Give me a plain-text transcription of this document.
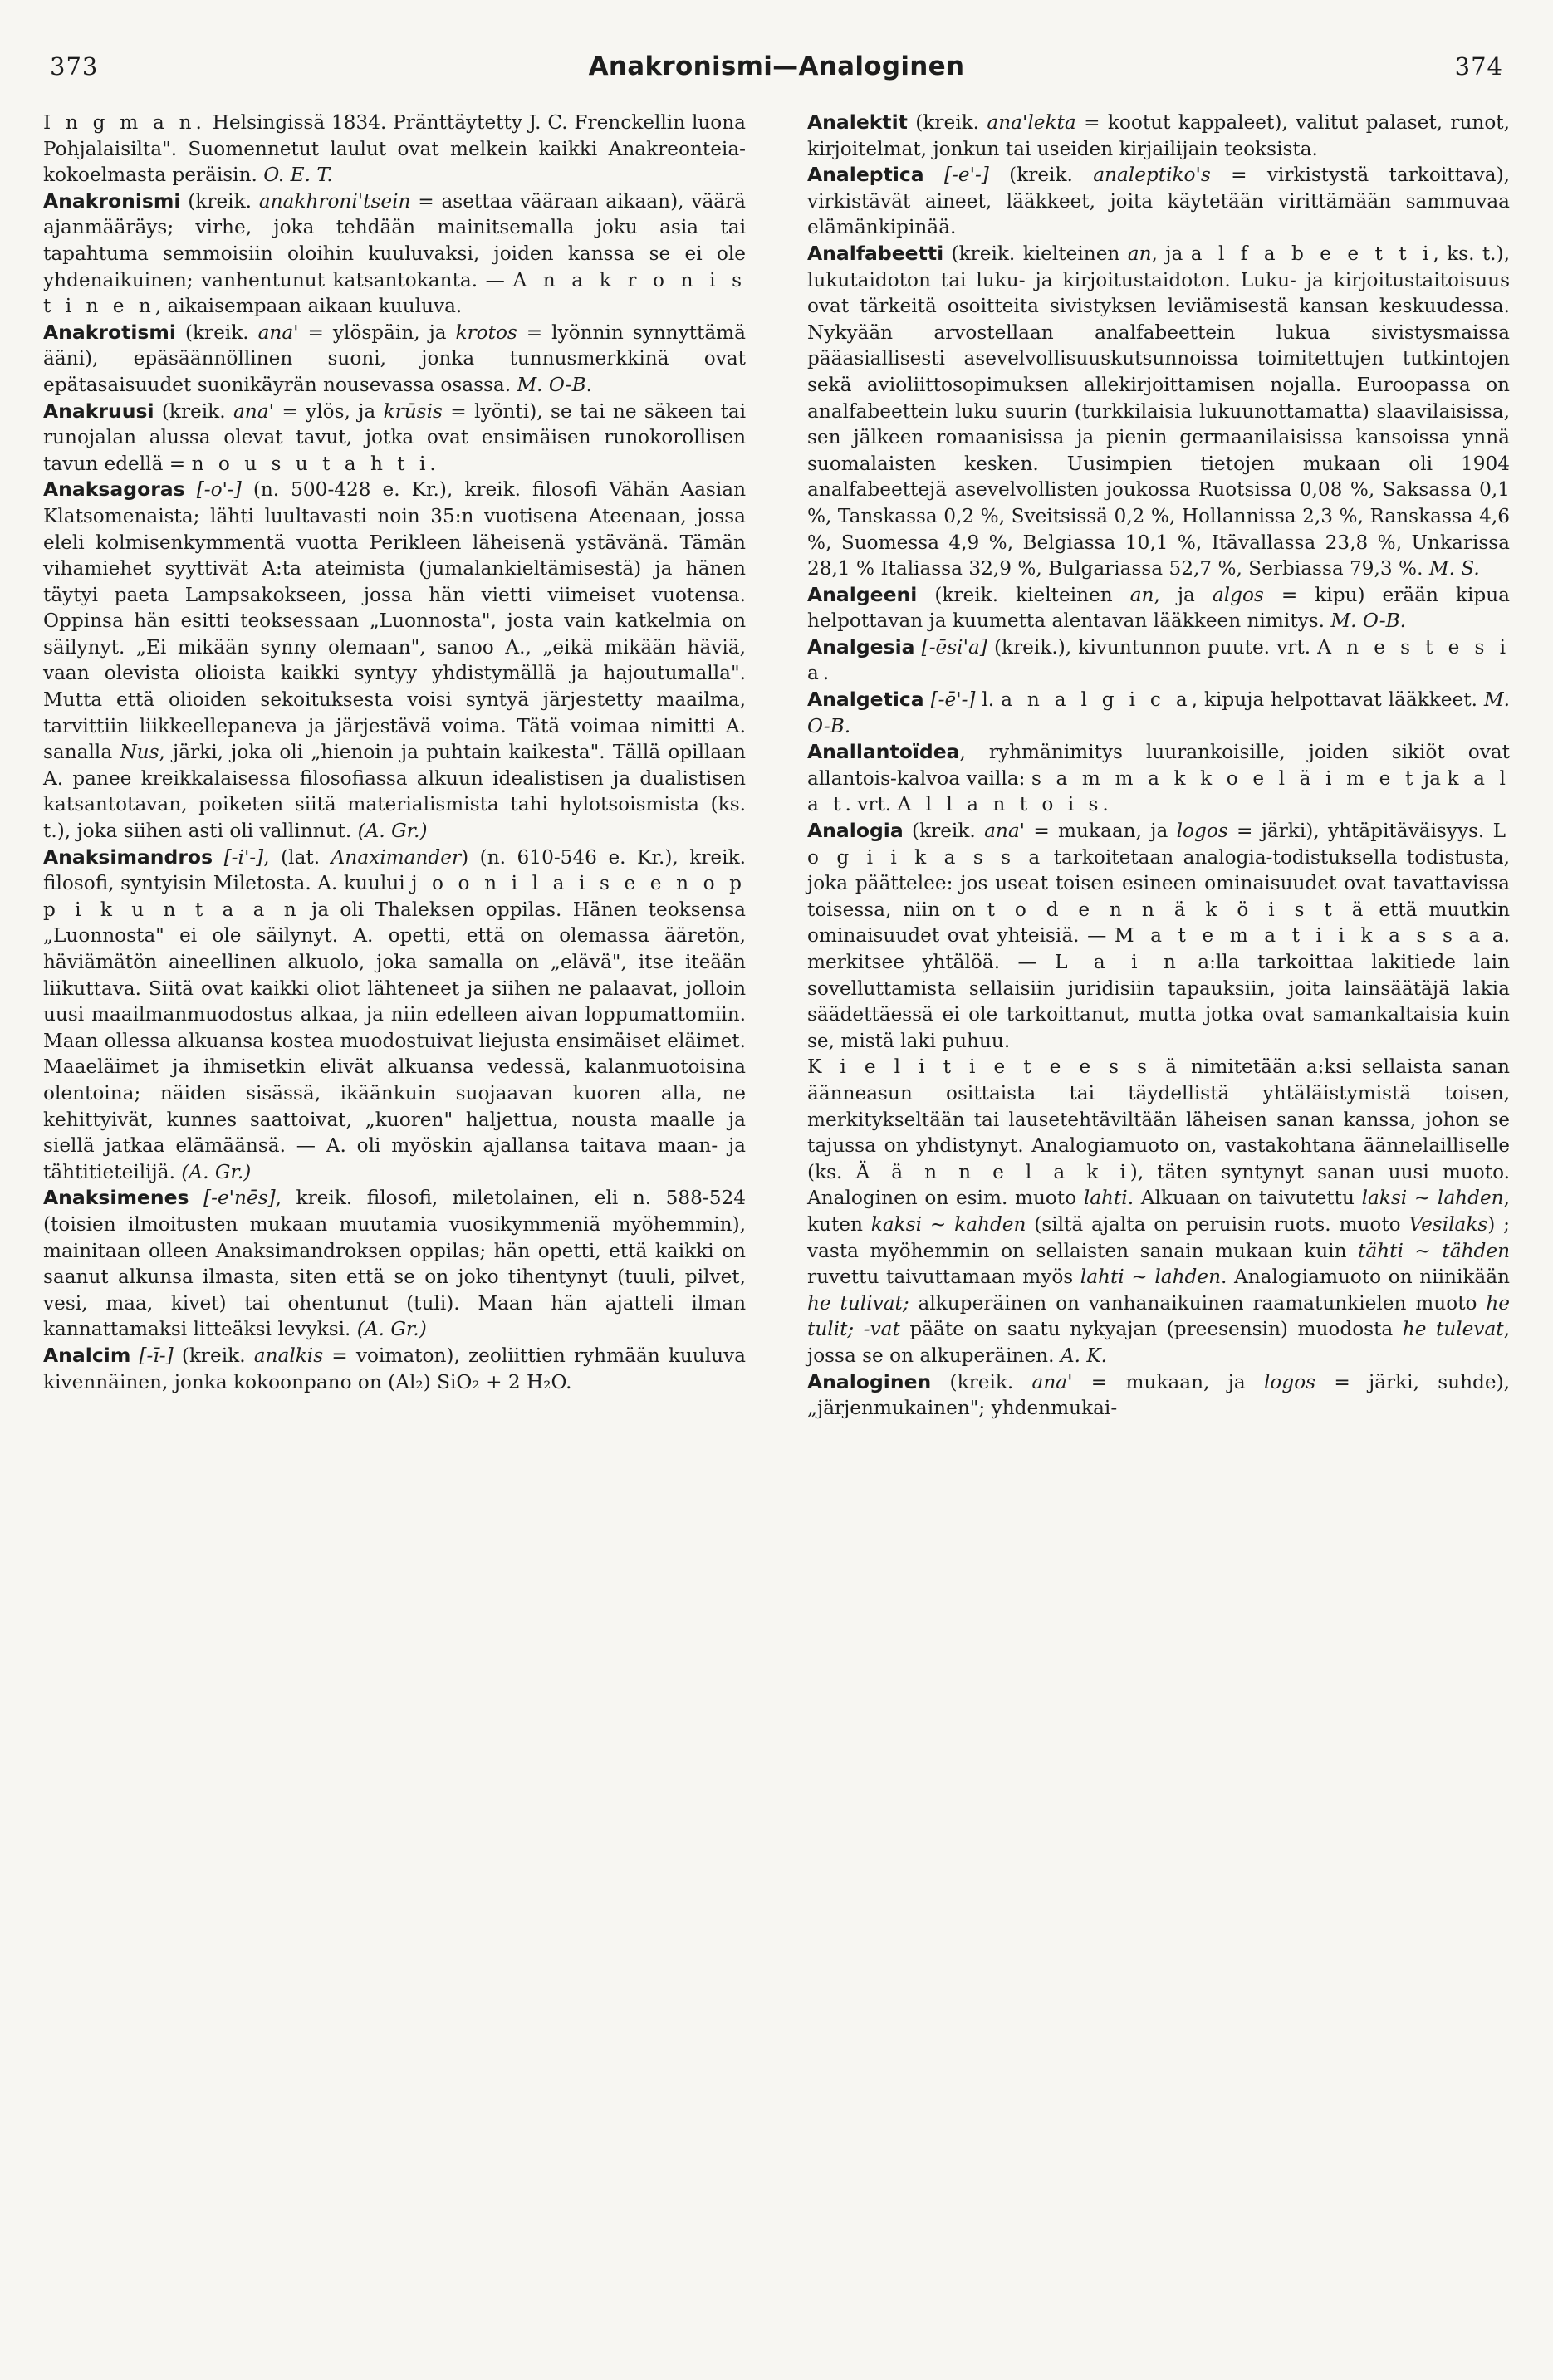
373	Anakronismi—Analoginen	374

I n g m a n. Helsingissä 1834. Pränttäytetty J. C. Frenckellin luona Pohjalaisilta". Suomennetut laulut ovat melkein kaikki Anakreonteia-kokoelmasta peräisin. O. E. T.

Anakronismi (kreik. anakhroni'tsein = asettaa vääraan aikaan), väärä ajanmääräys; virhe, joka tehdään mainitsemalla joku asia tai tapahtuma semmoisiin oloihin kuuluvaksi, joiden kanssa se ei ole yhdenaikuinen; vanhentunut katsantokanta. — A n a k r o n i s t i n e n, aikaisempaan aikaan kuuluva.

Anakrotismi (kreik. ana' = ylöspäin, ja krotos = lyönnin synnyttämä ääni), epäsäännöllinen suoni, jonka tunnusmerkkinä ovat epätasaisuudet suonikäyrän nousevassa osassa. M. O-B.

Anakruusi (kreik. ana' = ylös, ja krūsis = lyönti), se tai ne säkeen tai runojalan alussa olevat tavut, jotka ovat ensimäisen runokorollisen tavun edellä = n o u s u t a h t i.

Anaksagoras [-o'-] (n. 500-428 e. Kr.), kreik. filosofi Vähän Aasian Klatsomenaista; lähti luultavasti noin 35:n vuotisena Ateenaan, jossa eleli kolmisenkymmentä vuotta Perikleen läheisenä ystävänä. Tämän vihamiehet syyttivät A:ta ateimista (jumalankieltämisestä) ja hänen täytyi paeta Lampsakokseen, jossa hän vietti viimeiset vuotensa. Oppinsa hän esitti teoksessaan „Luonnosta", josta vain katkelmia on säilynyt. „Ei mikään synny olemaan", sanoo A., „eikä mikään häviä, vaan olevista olioista kaikki syntyy yhdistymällä ja hajoutumalla". Mutta että olioiden sekoituksesta voisi syntyä järjestetty maailma, tarvittiin liikkeellepaneva ja järjestävä voima. Tätä voimaa nimitti A. sanalla Nus, järki, joka oli „hienoin ja puhtain kaikesta". Tällä opillaan A. panee kreikkalaisessa filosofiassa alkuun idealistisen ja dualistisen katsantotavan, poiketen siitä materialismista tahi hylotsoismista (ks. t.), joka siihen asti oli vallinnut. (A. Gr.)

Anaksimandros [-i'-], (lat. Anaximander) (n. 610-546 e. Kr.), kreik. filosofi, syntyisin Miletosta. A. kuului j o o n i l a i s e e n o p p i k u n t a a n ja oli Thaleksen oppilas. Hänen teoksensa „Luonnosta" ei ole säilynyt. A. opetti, että on olemassa ääretön, häviämätön aineellinen alkuolo, joka samalla on „elävä", itse iteään liikuttava. Siitä ovat kaikki oliot lähteneet ja siihen ne palaavat, jolloin uusi maailmanmuodostus alkaa, ja niin edelleen aivan loppumattomiin. Maan ollessa alkuansa kostea muodostuivat liejusta ensimäiset eläimet. Maaeläimet ja ihmisetkin elivät alkuansa vedessä, kalanmuotoisina olentoina; näiden sisässä, ikäänkuin suojaavan kuoren alla, ne kehittyivät, kunnes saattoivat, „kuoren" haljettua, nousta maalle ja siellä jatkaa elämäänsä. — A. oli myöskin ajallansa taitava maan- ja tähtitieteilijä. (A. Gr.)

Anaksimenes [-e'nēs], kreik. filosofi, miletolainen, eli n. 588-524 (toisien ilmoitusten mukaan muutamia vuosikymmeniä myöhemmin), mainitaan olleen Anaksimandroksen oppilas; hän opetti, että kaikki on saanut alkunsa ilmasta, siten että se on joko tihentynyt (tuuli, pilvet, vesi, maa, kivet) tai ohentunut (tuli). Maan hän ajatteli ilman kannattamaksi litteäksi levyksi. (A. Gr.)

Analcim [-ī-] (kreik. analkis = voimaton), zeoliittien ryhmään kuuluva kivennäinen, jonka kokoonpano on (Al₂) SiO₂ + 2 H₂O.

Analektit (kreik. ana'lekta = kootut kappaleet), valitut palaset, runot, kirjoitelmat, jonkun tai useiden kirjailijain teoksista.

Analeptica [-e'-] (kreik. analeptiko's = virkistystä tarkoittava), virkistävät aineet, lääkkeet, joita käytetään virittämään sammuvaa elämänkipinää.

Analfabeetti (kreik. kielteinen an, ja a l f a b e e t t i, ks. t.), lukutaidoton tai luku- ja kirjoitustaidoton. Luku- ja kirjoitustaitoisuus ovat tärkeitä osoitteita sivistyksen leviämisestä kansan keskuudessa. Nykyään arvostellaan analfabeettein lukua sivistysmaissa pääasiallisesti asevelvollisuuskutsunnoissa toimitettujen tutkintojen sekä avioliittosopimuksen allekirjoittamisen nojalla. Euroopassa on analfabeettein luku suurin (turkkilaisia lukuunottamatta) slaavilaisissa, sen jälkeen romaanisissa ja pienin germaanilaisissa kansoissa ynnä suomalaisten kesken. Uusimpien tietojen mukaan oli 1904 analfabeettejä asevelvollisten joukossa Ruotsissa 0,08 %, Saksassa 0,1 %, Tanskassa 0,2 %, Sveitsissä 0,2 %, Hollannissa 2,3 %, Ranskassa 4,6 %, Suomessa 4,9 %, Belgiassa 10,1 %, Itävallassa 23,8 %, Unkarissa 28,1 % Italiassa 32,9 %, Bulgariassa 52,7 %, Serbiassa 79,3 %. M. S.

Analgeeni (kreik. kielteinen an, ja algos = kipu) erään kipua helpottavan ja kuumetta alentavan lääkkeen nimitys. M. O-B.

Analgesia [-ēsi'a] (kreik.), kivuntunnon puute. vrt. A n e s t e s i a.

Analgetica [-ē'-] l. a n a l g i c a, kipuja helpottavat lääkkeet. M. O-B.

Anallantoïdea, ryhmänimitys luurankoisille, joiden sikiöt ovat allantois-kalvoa vailla: s a m m a k k o e l ä i m e t ja k a l a t. vrt. A l l a n t o i s.

Analogia (kreik. ana' = mukaan, ja logos = järki), yhtäpitäväisyys. L o g i i k a s s a tarkoitetaan analogia-todistuksella todistusta, joka päättelee: jos useat toisen esineen ominaisuudet ovat tavattavissa toisessa, niin on t o d e n n ä k ö i s t ä että muutkin ominaisuudet ovat yhteisiä. — M a t e m a t i i k a s s a a. merkitsee yhtälöä. — L a i n a:lla tarkoittaa lakitiede lain sovelluttamista sellaisiin juridisiin tapauksiin, joita lainsäätäjä lakia säädettäessä ei ole tarkoittanut, mutta jotka ovat samankaltaisia kuin se, mistä laki puhuu.

K i e l i t i e t e e s s ä nimitetään a:ksi sellaista sanan äänneasun osittaista tai täydellistä yhtäläistymistä toisen, merkitykseltään tai lausetehtäviltään läheisen sanan kanssa, johon se tajussa on yhdistynyt. Analogiamuoto on, vastakohtana äännelailliselle (ks. Ä ä n n e l a k i), täten syntynyt sanan uusi muoto. Analoginen on esim. muoto lahti. Alkuaan on taivutettu laksi ~ lahden, kuten kaksi ~ kahden (siltä ajalta on peruisin ruots. muoto Vesilaks) ; vasta myöhemmin on sellaisten sanain mukaan kuin tähti ~ tähden ruvettu taivuttamaan myös lahti ~ lahden. Analogiamuoto on niinikään he tulivat; alkuperäinen on vanhanaikuinen raamatunkielen muoto he tulit; -vat pääte on saatu nykyajan (preesensin) muodosta he tulevat, jossa se on alkuperäinen. A. K.

Analoginen (kreik. ana' = mukaan, ja logos = järki, suhde), „järjenmukainen"; yhdenmukai-
